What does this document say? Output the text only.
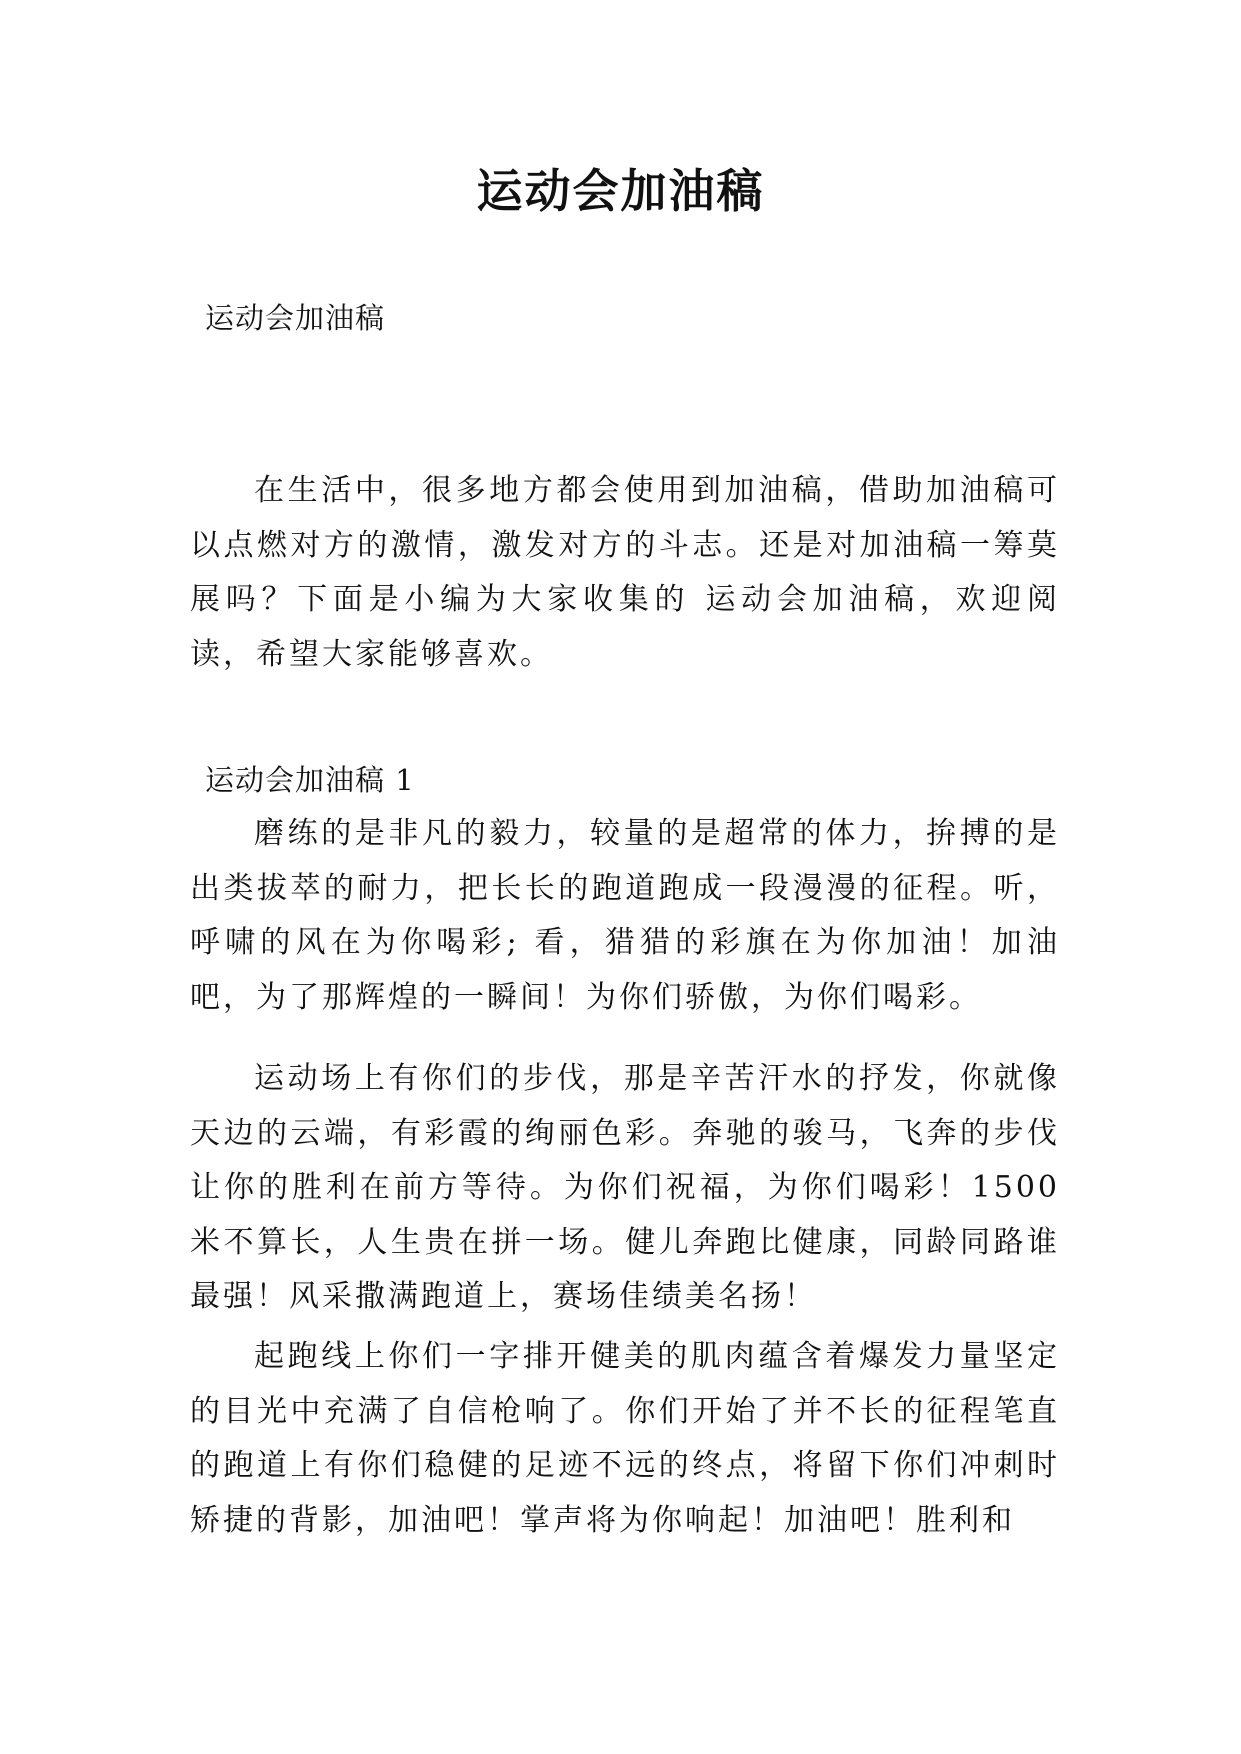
运动会加油稿

运动会加油稿

在生活中，很多地方都会使用到加油稿，借助加油稿可以点燃对方的激情，激发对方的斗志。还是对加油稿一筹莫展吗？下面是小编为大家收集的 运动会加油稿，欢迎阅读，希望大家能够喜欢。

运动会加油稿 1

磨练的是非凡的毅力，较量的是超常的体力，拚搏的是出类拔萃的耐力，把长长的跑道跑成一段漫漫的征程。听，呼啸的风在为你喝彩; 看，猎猎的彩旗在为你加油！加油吧，为了那辉煌的一瞬间！为你们骄傲，为你们喝彩。

运动场上有你们的步伐，那是辛苦汗水的抒发，你就像天边的云端，有彩霞的绚丽色彩。奔驰的骏马，飞奔的步伐让你的胜利在前方等待。为你们祝福，为你们喝彩！1500 米不算长，人生贵在拼一场。健儿奔跑比健康，同龄同路谁最强！风采撒满跑道上，赛场佳绩美名扬！

起跑线上你们一字排开健美的肌肉蕴含着爆发力量坚定的目光中充满了自信枪响了。你们开始了并不长的征程笔直的跑道上有你们稳健的足迹不远的终点，将留下你们冲刺时矫捷的背影，加油吧！掌声将为你响起！加油吧！胜利和
